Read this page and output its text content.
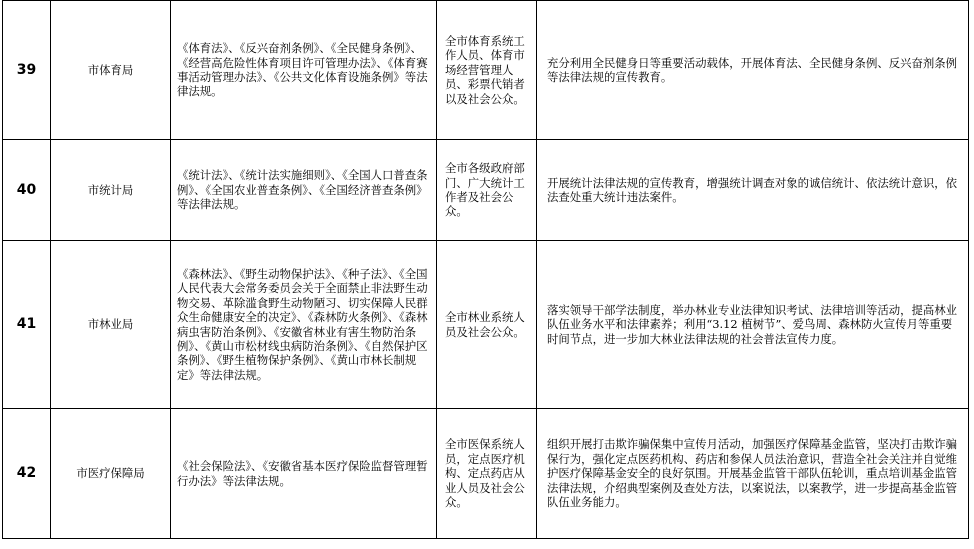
39	市体育局	《体育法》、《反兴奋剂条例》、《全民健身条例》、《经营高危险性体育项目许可管理办法》、《体育赛事活动管理办法》、《公共文化体育设施条例》等法律法规。	全市体育系统工作人员、体育市场经营管理人员、彩票代销者以及社会公众。	充分利用全民健身日等重要活动载体，开展体育法、全民健身条例、反兴奋剂条例等法律法规的宣传教育。

40	市统计局	《统计法》、《统计法实施细则》、《全国人口普查条例》、《全国农业普查条例》、《全国经济普查条例》等法律法规。	全市各级政府部门、广大统计工作者及社会公众。	开展统计法律法规的宣传教育，增强统计调查对象的诚信统计、依法统计意识，依法查处重大统计违法案件。

41	市林业局	《森林法》、《野生动物保护法》、《种子法》、《全国人民代表大会常务委员会关于全面禁止非法野生动物交易、革除滥食野生动物陋习、切实保障人民群众生命健康安全的决定》、《森林防火条例》、《森林病虫害防治条例》、《安徽省林业有害生物防治条例》、《黄山市松材线虫病防治条例》、《自然保护区条例》、《野生植物保护条例》、《黄山市林长制规定》等法律法规。	全市林业系统人员及社会公众。	落实领导干部学法制度，举办林业专业法律知识考试、法律培训等活动，提高林业队伍业务水平和法律素养；利用“3.12 植树节”、爱鸟周、森林防火宣传月等重要时间节点，进一步加大林业法律法规的社会普法宣传力度。

42	市医疗保障局	《社会保险法》、《安徽省基本医疗保险监督管理暂行办法》等法律法规。	全市医保系统人员，定点医疗机构、定点药店从业人员及社会公众。	组织开展打击欺诈骗保集中宣传月活动，加强医疗保障基金监管，坚决打击欺诈骗保行为，强化定点医药机构、药店和参保人员法治意识，营造全社会关注并自觉维护医疗保障基金安全的良好氛围。开展基金监管干部队伍轮训，重点培训基金监管法律法规，介绍典型案例及查处方法，以案说法，以案教学，进一步提高基金监管队伍业务能力。
